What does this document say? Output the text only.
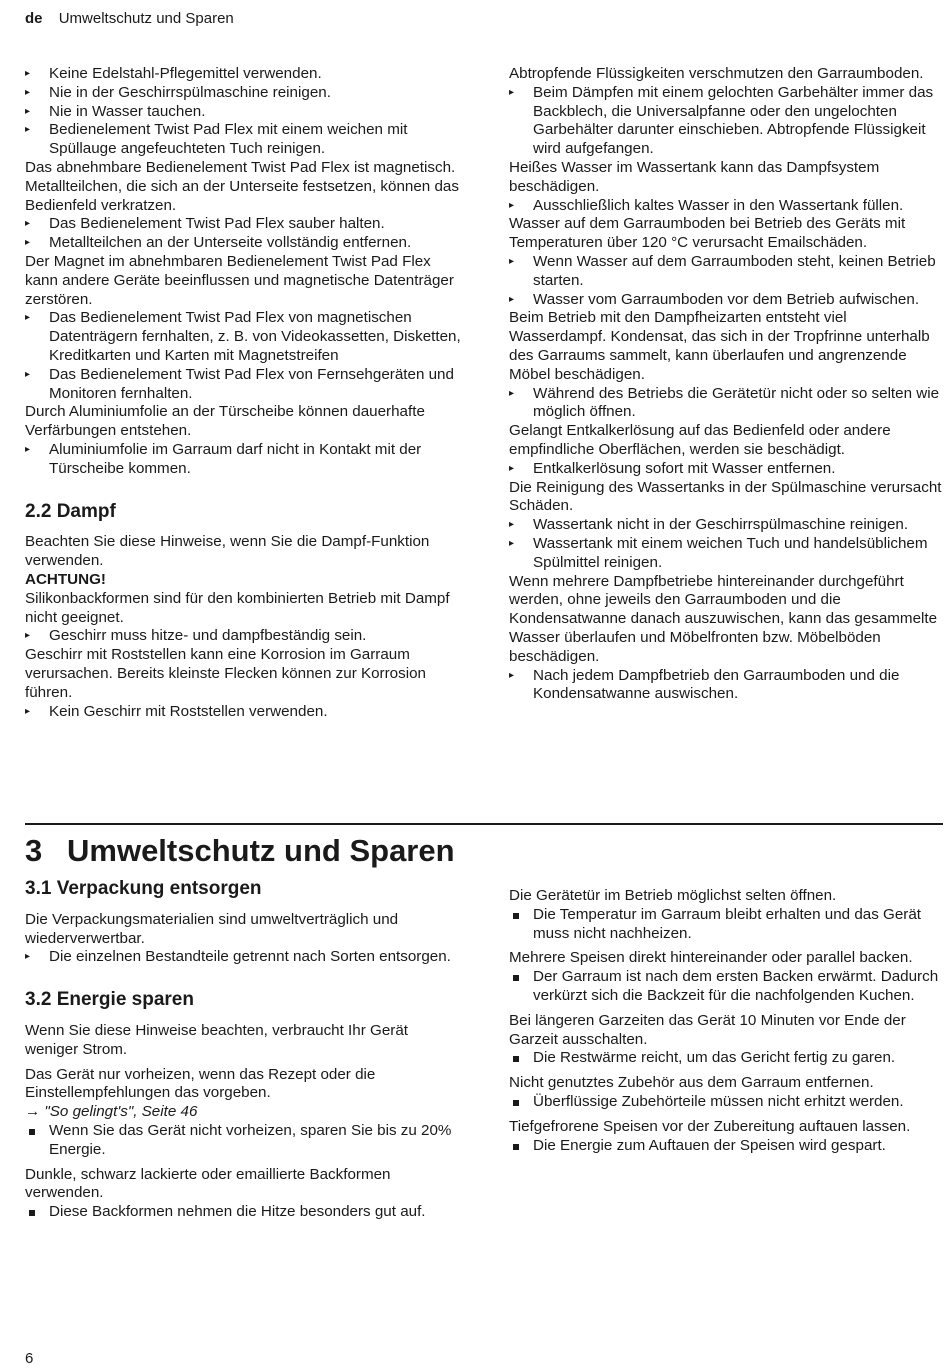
de Umweltschutz und Sparen

▸ Keine Edelstahl-Pflegemittel verwenden.

▸ Nie in der Geschirrspülmaschine reinigen.

▸ Nie in Wasser tauchen.

▸ Bedienelement Twist Pad Flex mit einem weichen mit Spüllauge angefeuchteten Tuch reinigen.

Das abnehmbare Bedienelement Twist Pad Flex ist magnetisch. Metallteilchen, die sich an der Unterseite festsetzen, können das Bedienfeld verkratzen.

▸ Das Bedienelement Twist Pad Flex sauber halten.

▸ Metallteilchen an der Unterseite vollständig entfernen.

Der Magnet im abnehmbaren Bedienelement Twist Pad Flex kann andere Geräte beeinflussen und magnetische Datenträger zerstören.

▸ Das Bedienelement Twist Pad Flex von magnetischen Datenträgern fernhalten, z. B. von Videokassetten, Disketten, Kreditkarten und Karten mit Magnetstreifen

▸ Das Bedienelement Twist Pad Flex von Fernsehgeräten und Monitoren fernhalten.

Durch Aluminiumfolie an der Türscheibe können dauerhafte Verfärbungen entstehen.

▸ Aluminiumfolie im Garraum darf nicht in Kontakt mit der Türscheibe kommen.

2.2 Dampf

Beachten Sie diese Hinweise, wenn Sie die Dampf-Funktion verwenden.

ACHTUNG!

Silikonbackformen sind für den kombinierten Betrieb mit Dampf nicht geeignet.

▸ Geschirr muss hitze- und dampfbeständig sein.

Geschirr mit Roststellen kann eine Korrosion im Garraum verursachen. Bereits kleinste Flecken können zur Korrosion führen.

▸ Kein Geschirr mit Roststellen verwenden.

Abtropfende Flüssigkeiten verschmutzen den Garraumboden.

▸ Beim Dämpfen mit einem gelochten Garbehälter immer das Backblech, die Universalpfanne oder den ungelochten Garbehälter darunter einschieben. Abtropfende Flüssigkeit wird aufgefangen.

Heißes Wasser im Wassertank kann das Dampfsystem beschädigen.

▸ Ausschließlich kaltes Wasser in den Wassertank füllen.

Wasser auf dem Garraumboden bei Betrieb des Geräts mit Temperaturen über 120 °C verursacht Emailschäden.

▸ Wenn Wasser auf dem Garraumboden steht, keinen Betrieb starten.

▸ Wasser vom Garraumboden vor dem Betrieb aufwischen.

Beim Betrieb mit den Dampfheizarten entsteht viel Wasserdampf. Kondensat, das sich in der Tropfrinne unterhalb des Garraums sammelt, kann überlaufen und angrenzende Möbel beschädigen.

▸ Während des Betriebs die Gerätetür nicht oder so selten wie möglich öffnen.

Gelangt Entkalkerlösung auf das Bedienfeld oder andere empfindliche Oberflächen, werden sie beschädigt.

▸ Entkalkerlösung sofort mit Wasser entfernen.

Die Reinigung des Wassertanks in der Spülmaschine verursacht Schäden.

▸ Wassertank nicht in der Geschirrspülmaschine reinigen.

▸ Wassertank mit einem weichen Tuch und handelsüblichem Spülmittel reinigen.

Wenn mehrere Dampfbetriebe hintereinander durchgeführt werden, ohne jeweils den Garraumboden und die Kondensatwanne danach auszuwischen, kann das gesammelte Wasser überlaufen und Möbelfronten bzw. Möbelböden beschädigen.

▸ Nach jedem Dampfbetrieb den Garraumboden und die Kondensatwanne auswischen.

3 Umweltschutz und Sparen
3.1 Verpackung entsorgen

Die Verpackungsmaterialien sind umweltverträglich und wiederverwertbar.

▸ Die einzelnen Bestandteile getrennt nach Sorten entsorgen.

3.2 Energie sparen

Wenn Sie diese Hinweise beachten, verbraucht Ihr Gerät weniger Strom.

Das Gerät nur vorheizen, wenn das Rezept oder die Einstellempfehlungen das vorgeben.

→ "So gelingt's", Seite 46

Wenn Sie das Gerät nicht vorheizen, sparen Sie bis zu 20% Energie.

Dunkle, schwarz lackierte oder emaillierte Backformen verwenden.

Diese Backformen nehmen die Hitze besonders gut auf.

Die Gerätetür im Betrieb möglichst selten öffnen.

Die Temperatur im Garraum bleibt erhalten und das Gerät muss nicht nachheizen.

Mehrere Speisen direkt hintereinander oder parallel backen.

Der Garraum ist nach dem ersten Backen erwärmt. Dadurch verkürzt sich die Backzeit für die nachfolgenden Kuchen.

Bei längeren Garzeiten das Gerät 10 Minuten vor Ende der Garzeit ausschalten.

Die Restwärme reicht, um das Gericht fertig zu garen.

Nicht genutztes Zubehör aus dem Garraum entfernen.

Überflüssige Zubehörteile müssen nicht erhitzt werden.

Tiefgefrorene Speisen vor der Zubereitung auftauen lassen.

Die Energie zum Auftauen der Speisen wird gespart.

6
